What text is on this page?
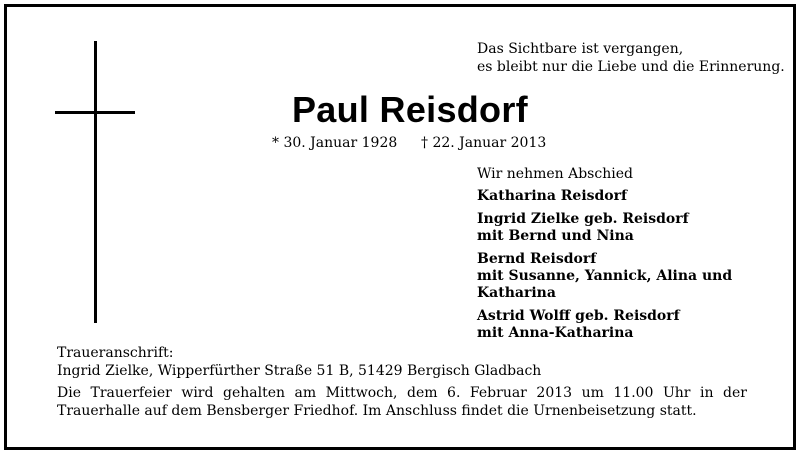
Das Sichtbare ist vergangen,
es bleibt nur die Liebe und die Erinnerung.
Paul Reisdorf
* 30. Januar 1928 † 22. Januar 2013
Wir nehmen Abschied
Katharina Reisdorf
Ingrid Zielke geb. Reisdorf
mit Bernd und Nina
Bernd Reisdorf
mit Susanne, Yannick, Alina und Katharina
Astrid Wolff geb. Reisdorf
mit Anna-Katharina
Traueranschrift:
Ingrid Zielke, Wipperfürther Straße 51 B, 51429 Bergisch Gladbach
Die Trauerfeier wird gehalten am Mittwoch, dem 6. Februar 2013 um 11.00 Uhr in der Trauerhalle auf dem Bensberger Friedhof. Im Anschluss findet die Urnenbeisetzung statt.
